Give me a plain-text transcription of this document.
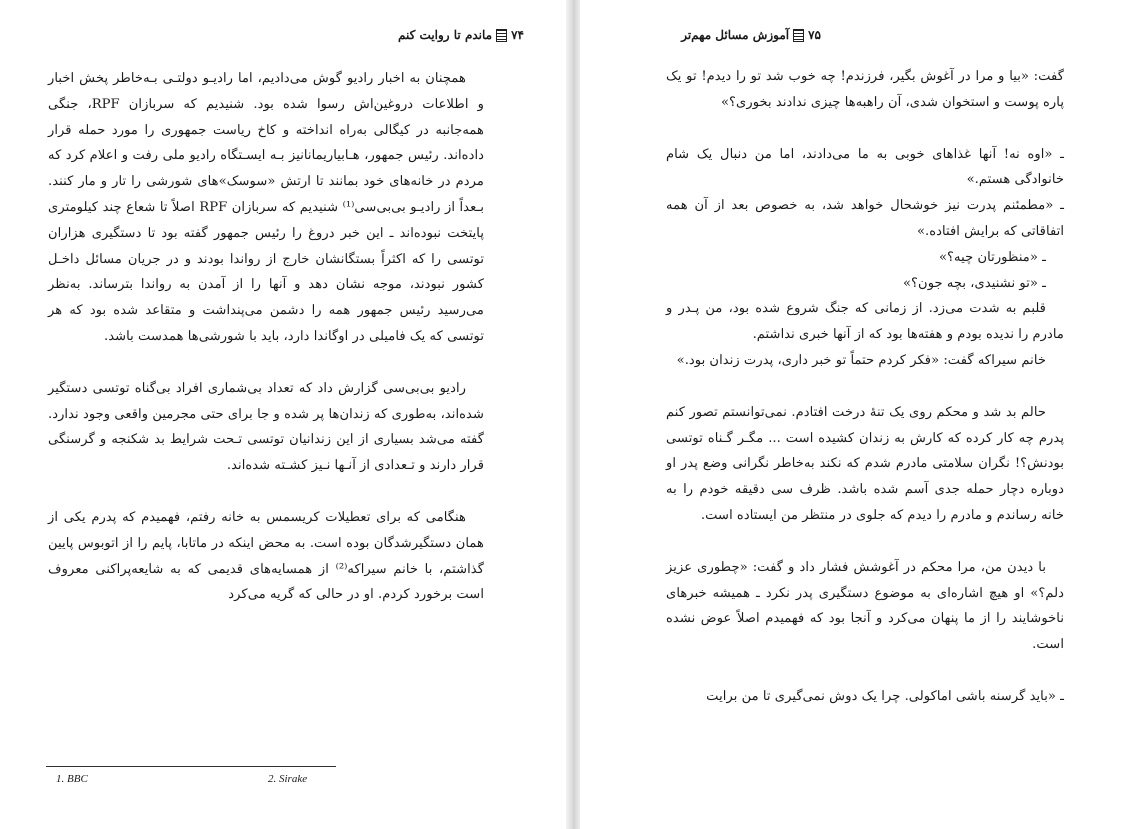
۷۴
ماندم تا روایت کنم

همچنان به اخبار رادیو گوش می‌دادیم، اما رادیـو دولتـی بـه‌خاطر پخش اخبار و اطلاعات دروغین‌اش رسوا شده بود. شنیدیم که سربازان RPF، جنگی همه‌جانبه در کیگالی به‌راه انداخته و کاخ ریاست جمهوری را مورد حمله قرار داده‌اند. رئیس جمهور، هـابیاریمانانیز بـه ایسـتگاه رادیو ملی رفت و اعلام کرد که مردم در خانه‌های خود بمانند تا ارتش «سوسک»های شورشی را تار و مار کنند. بـعداً از رادیـو بی‌بی‌سی⁽¹⁾ شنیدیم که سربازان RPF اصلاً تا شعاع چند کیلومتری پایتخت نبوده‌اند ـ این خبر دروغ را رئیس جمهور گفته بود تا دستگیری هزاران توتسی را که اکثراً بستگانشان خارج از رواندا بودند و در جریان مسائل داخـل کشور نبودند، موجه نشان دهد و آنها را از آمدن به رواندا بترساند. به‌نظر می‌رسید رئیس جمهور همه را دشمن می‌پنداشت و متقاعد شده بود که هر توتسی که یک فامیلی در اوگاندا دارد، باید با شورشی‌ها همدست باشد.

رادیو بی‌بی‌سی گزارش داد که تعداد بی‌شماری افراد بی‌گناه توتسی دستگیر شده‌اند، به‌طوری که زندان‌ها پر شده و جا برای حتی مجرمین واقعی وجود ندارد. گفته می‌شد بسیاری از این زندانیان توتسی تـحت شرایط بد شکنجه و گرسنگی قرار دارند و تـعدادی از آنـها نـیز کشـته شده‌اند.

هنگامی که برای تعطیلات کریسمس به خانه رفتم، فهمیدم که پدرم یکی از همان دستگیرشدگان بوده است. به محض اینکه در ماتابا، پایم را از اتوبوس پایین گذاشتم، با خانم سیراکه⁽²⁾ از همسایه‌های قدیمی که به شایعه‌پراکنی معروف است برخورد کردم. او در حالی که گریه می‌کرد

1. BBC	2. Sirake
۷۵
آموزش مسائل مهم‌تر

گفت: «بیا و مرا در آغوش بگیر، فرزندم! چه خوب شد تو را دیدم! تو یک پاره پوست و استخوان شدی، آن راهبه‌ها چیزی ندادند بخوری؟»

ـ «اوه نه! آنها غذاهای خوبی به ما می‌دادند، اما من دنبال یک شام خانوادگی هستم.»

ـ «مطمئنم پدرت نیز خوشحال خواهد شد، به خصوص بعد از آن همه اتفاقاتی که برایش افتاده.»

ـ «منظورتان چیه؟»

ـ «تو نشنیدی، بچه جون؟»

قلبم به شدت می‌زد. از زمانی که جنگ شروع شده بود، من پـدر و مادرم را ندیده بودم و هفته‌ها بود که از آنها خبری نداشتم.

خانم سیراکه گفت: «فکر کردم حتماً تو خبر داری، پدرت زندان بود.»

حالم بد شد و محکم روی یک تنهٔ درخت افتادم. نمی‌توانستم تصور کنم پدرم چه کار کرده که کارش به زندان کشیده است ... مگـر گـناه توتسی بودنش؟! نگران سلامتی مادرم شدم که نکند به‌خاطر نگرانی وضع پدر او دوباره دچار حمله جدی آسم شده باشد. ظرف سی دقیقه خودم را به خانه رساندم و مادرم را دیدم که جلوی در منتظر من ایستاده است.

با دیدن من، مرا محکم در آغوشش فشار داد و گفت: «چطوری عزیز دلم؟» او هیچ اشاره‌ای به موضوع دستگیری پدر نکرد ـ همیشه خبرهای ناخوشایند را از ما پنهان می‌کرد و آنجا بود که فهمیدم اصلاً عوض نشده است.

ـ «باید گرسنه باشی اماکولی. چرا یک دوش نمی‌گیری تا من برایت
